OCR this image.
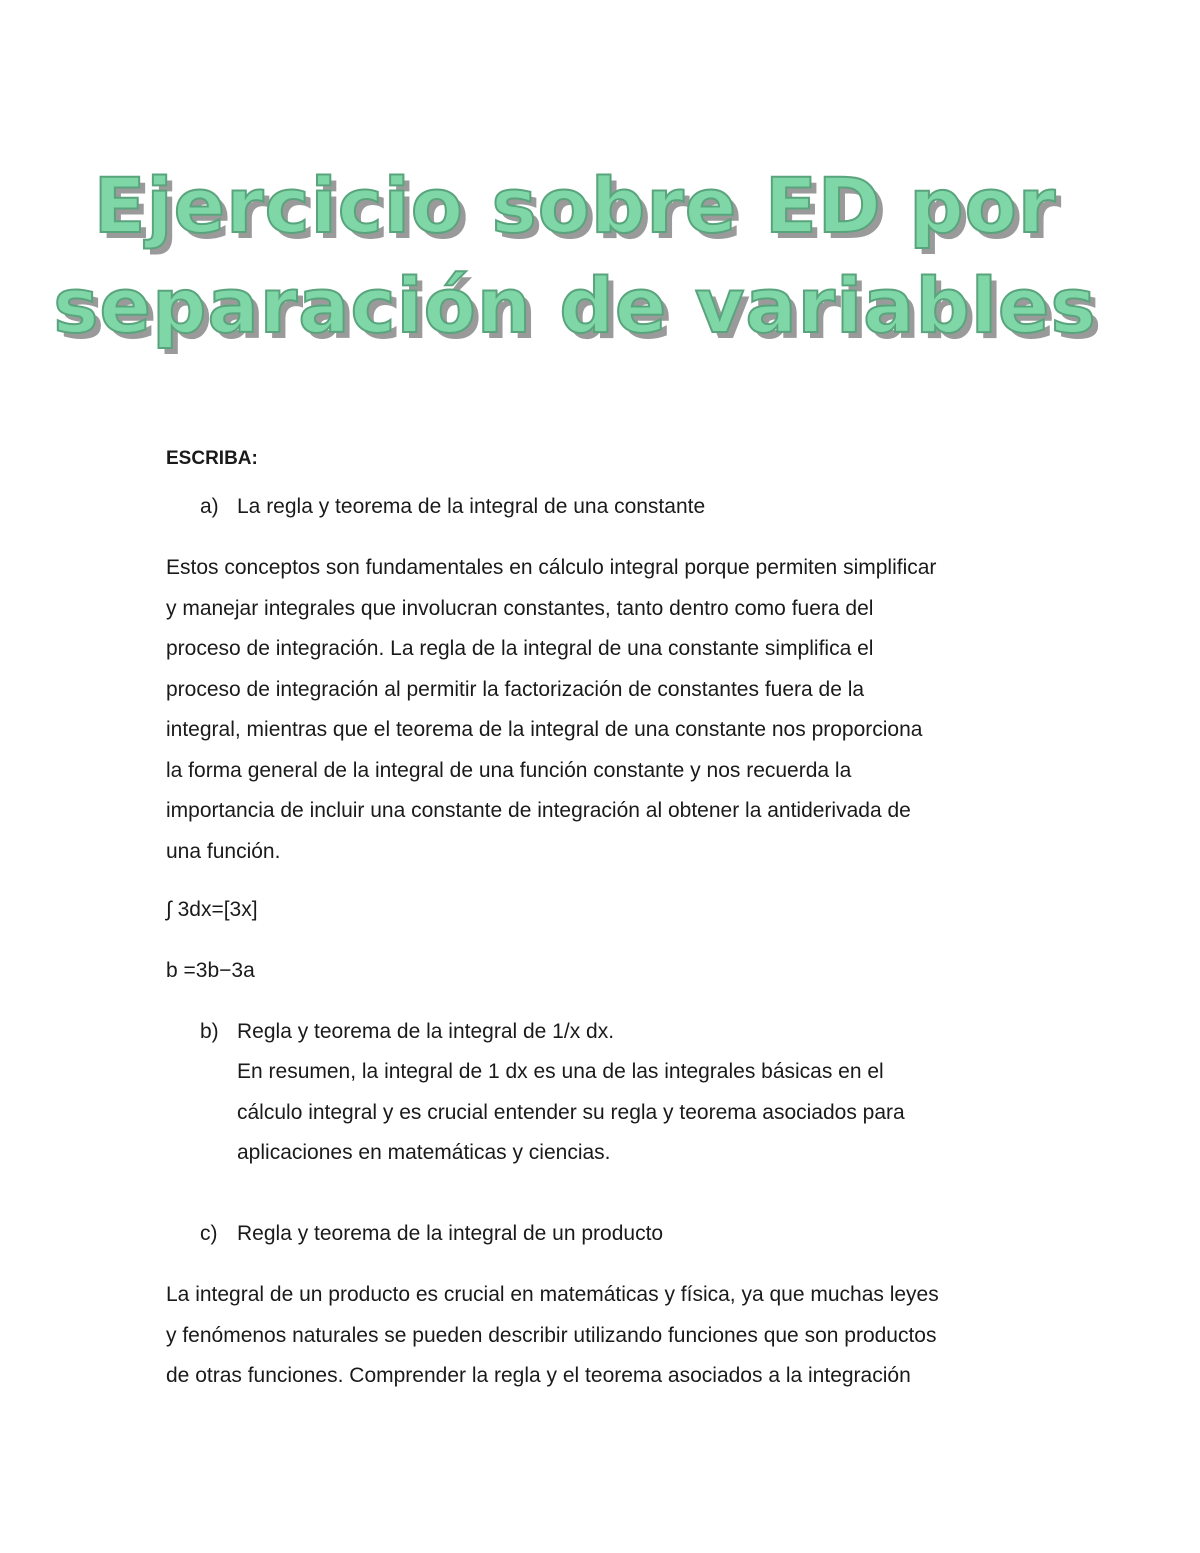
Ejercicio sobre ED por
separación de variables
ESCRIBA:
a) La regla y teorema de la integral de una constante
Estos conceptos son fundamentales en cálculo integral porque permiten simplificar
y manejar integrales que involucran constantes, tanto dentro como fuera del
proceso de integración. La regla de la integral de una constante simplifica el
proceso de integración al permitir la factorización de constantes fuera de la
integral, mientras que el teorema de la integral de una constante nos proporciona
la forma general de la integral de una función constante y nos recuerda la
importancia de incluir una constante de integración al obtener la antiderivada de
una función.
∫ 3dx=[3x]
b =3b−3a
b) Regla y teorema de la integral de 1/x dx.
En resumen, la integral de 1 dx es una de las integrales básicas en el
cálculo integral y es crucial entender su regla y teorema asociados para
aplicaciones en matemáticas y ciencias.
c) Regla y teorema de la integral de un producto
La integral de un producto es crucial en matemáticas y física, ya que muchas leyes
y fenómenos naturales se pueden describir utilizando funciones que son productos
de otras funciones. Comprender la regla y el teorema asociados a la integración
